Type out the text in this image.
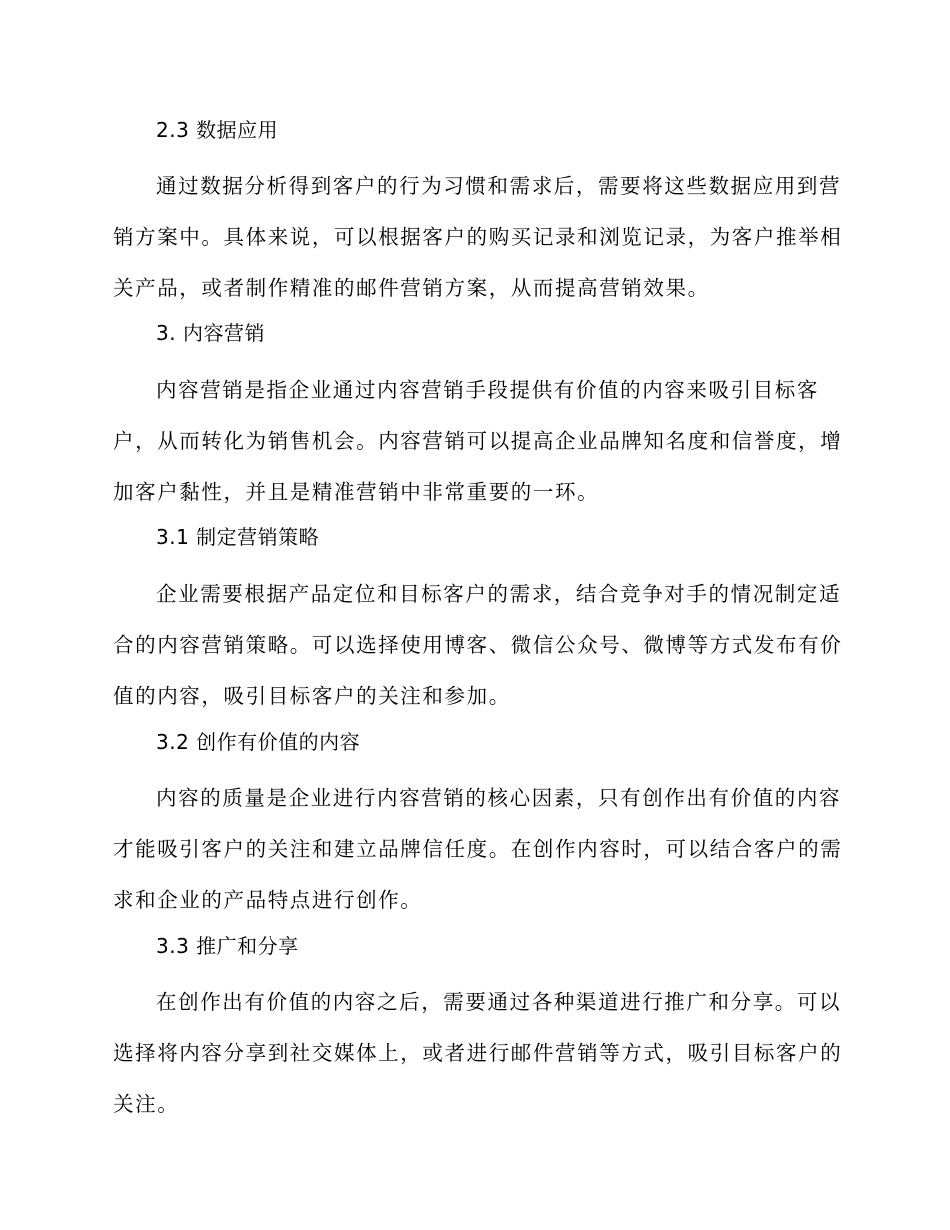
2.3 数据应用
通过数据分析得到客户的行为习惯和需求后，需要将这些数据应用到营
销方案中。具体来说，可以根据客户的购买记录和浏览记录，为客户推举相
关产品，或者制作精准的邮件营销方案，从而提高营销效果。
3. 内容营销
内容营销是指企业通过内容营销手段提供有价值的内容来吸引目标客
户，从而转化为销售机会。内容营销可以提高企业品牌知名度和信誉度，增
加客户黏性，并且是精准营销中非常重要的一环。
3.1 制定营销策略
企业需要根据产品定位和目标客户的需求，结合竞争对手的情况制定适
合的内容营销策略。可以选择使用博客、微信公众号、微博等方式发布有价
值的内容，吸引目标客户的关注和参加。
3.2 创作有价值的内容
内容的质量是企业进行内容营销的核心因素，只有创作出有价值的内容
才能吸引客户的关注和建立品牌信任度。在创作内容时，可以结合客户的需
求和企业的产品特点进行创作。
3.3 推广和分享
在创作出有价值的内容之后，需要通过各种渠道进行推广和分享。可以
选择将内容分享到社交媒体上，或者进行邮件营销等方式，吸引目标客户的
关注。
